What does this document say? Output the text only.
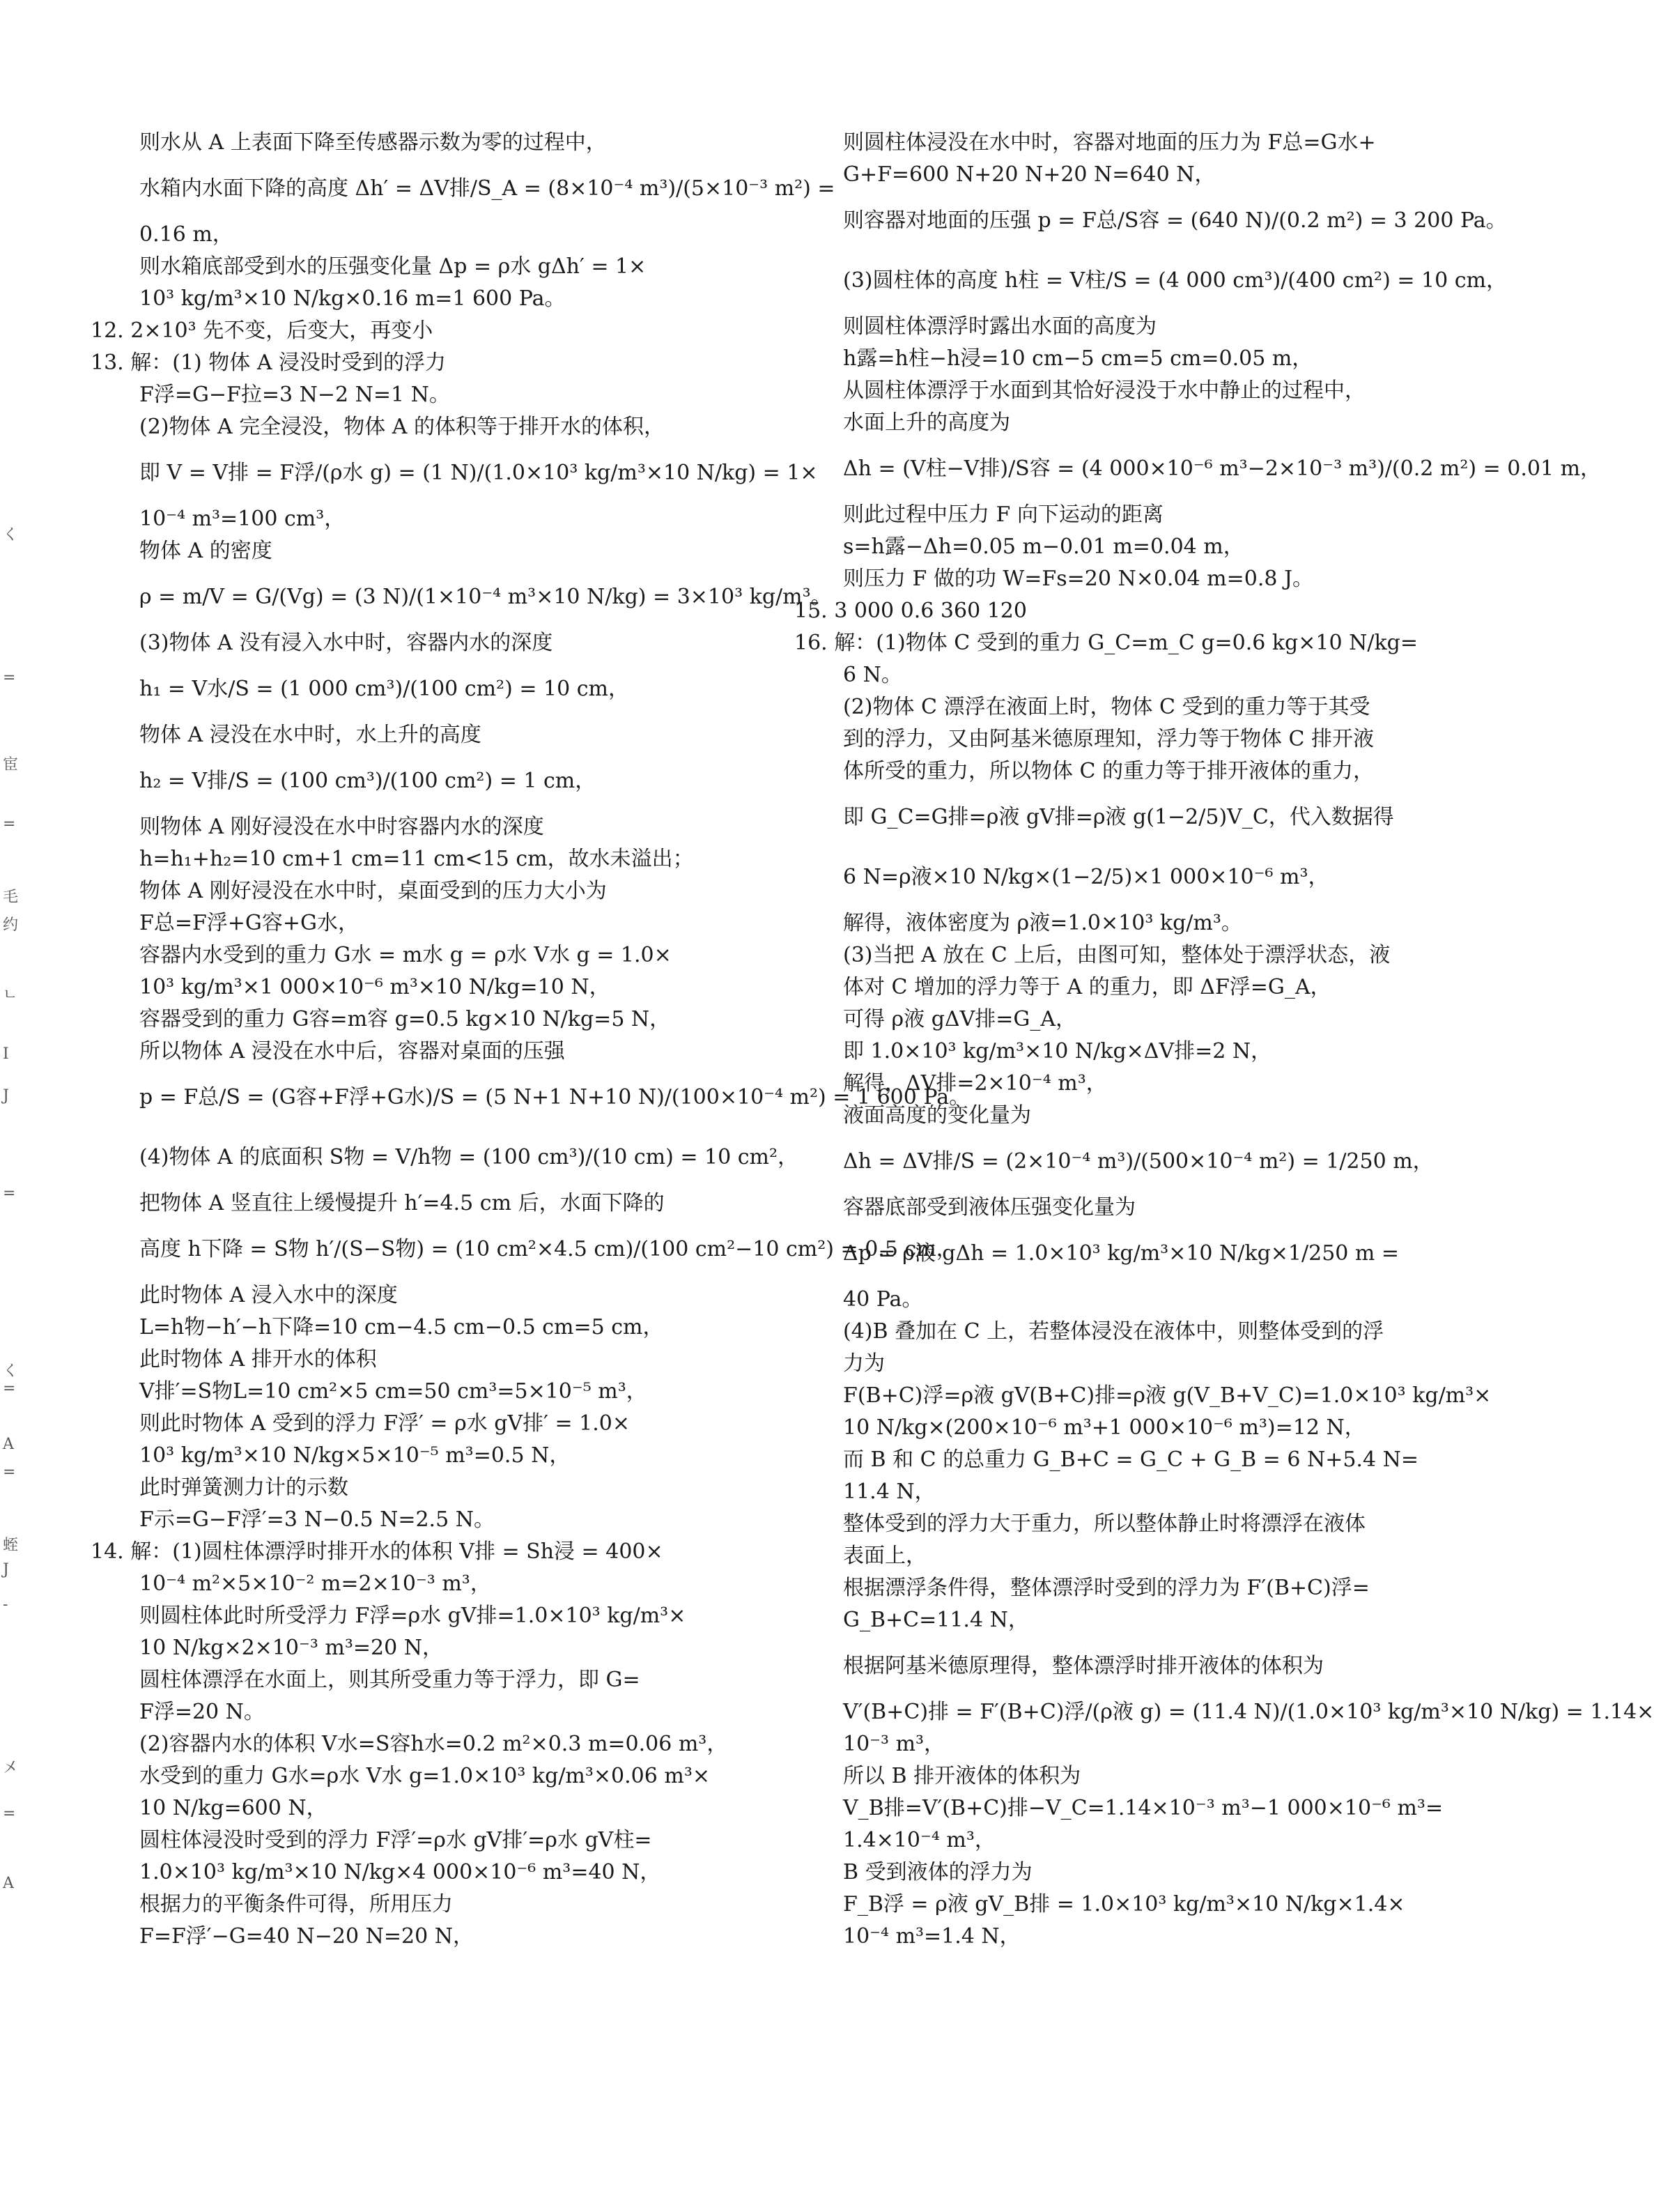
く
=
宦
=
毛
约
ㄴ
I
J
=
=
く
A
=
蛭
J
-
㐅
=
A
则水从 A 上表面下降至传感器示数为零的过程中，
水箱内水面下降的高度 Δh′ = ΔV排/S_A = (8×10⁻⁴ m³)/(5×10⁻³ m²) =
0.16 m，
则水箱底部受到水的压强变化量 Δp = ρ水 gΔh′ = 1×
10³ kg/m³×10 N/kg×0.16 m=1 600 Pa。
12. 2×10³ 先不变，后变大，再变小
13. 解：(1) 物体 A 浸没时受到的浮力
F浮=G−F拉=3 N−2 N=1 N。
(2)物体 A 完全浸没，物体 A 的体积等于排开水的体积，
即 V = V排 = F浮/(ρ水 g) = (1 N)/(1.0×10³ kg/m³×10 N/kg) = 1×
10⁻⁴ m³=100 cm³，
物体 A 的密度
ρ = m/V = G/(Vg) = (3 N)/(1×10⁻⁴ m³×10 N/kg) = 3×10³ kg/m³。
(3)物体 A 没有浸入水中时，容器内水的深度
h₁ = V水/S = (1 000 cm³)/(100 cm²) = 10 cm，
物体 A 浸没在水中时，水上升的高度
h₂ = V排/S = (100 cm³)/(100 cm²) = 1 cm，
则物体 A 刚好浸没在水中时容器内水的深度
h=h₁+h₂=10 cm+1 cm=11 cm<15 cm，故水未溢出；
物体 A 刚好浸没在水中时，桌面受到的压力大小为
F总=F浮+G容+G水，
容器内水受到的重力 G水 = m水 g = ρ水 V水 g = 1.0×
10³ kg/m³×1 000×10⁻⁶ m³×10 N/kg=10 N，
容器受到的重力 G容=m容 g=0.5 kg×10 N/kg=5 N，
所以物体 A 浸没在水中后，容器对桌面的压强
p = F总/S = (G容+F浮+G水)/S = (5 N+1 N+10 N)/(100×10⁻⁴ m²) = 1 600 Pa。
(4)物体 A 的底面积 S物 = V/h物 = (100 cm³)/(10 cm) = 10 cm²，
把物体 A 竖直往上缓慢提升 h′=4.5 cm 后，水面下降的
高度 h下降 = S物 h′/(S−S物) = (10 cm²×4.5 cm)/(100 cm²−10 cm²) = 0.5 cm，
此时物体 A 浸入水中的深度
L=h物−h′−h下降=10 cm−4.5 cm−0.5 cm=5 cm，
此时物体 A 排开水的体积
V排′=S物L=10 cm²×5 cm=50 cm³=5×10⁻⁵ m³，
则此时物体 A 受到的浮力 F浮′ = ρ水 gV排′ = 1.0×
10³ kg/m³×10 N/kg×5×10⁻⁵ m³=0.5 N，
此时弹簧测力计的示数
F示=G−F浮′=3 N−0.5 N=2.5 N。
14. 解：(1)圆柱体漂浮时排开水的体积 V排 = Sh浸 = 400×
10⁻⁴ m²×5×10⁻² m=2×10⁻³ m³，
则圆柱体此时所受浮力 F浮=ρ水 gV排=1.0×10³ kg/m³×
10 N/kg×2×10⁻³ m³=20 N，
圆柱体漂浮在水面上，则其所受重力等于浮力，即 G=
F浮=20 N。
(2)容器内水的体积 V水=S容h水=0.2 m²×0.3 m=0.06 m³，
水受到的重力 G水=ρ水 V水 g=1.0×10³ kg/m³×0.06 m³×
10 N/kg=600 N，
圆柱体浸没时受到的浮力 F浮′=ρ水 gV排′=ρ水 gV柱=
1.0×10³ kg/m³×10 N/kg×4 000×10⁻⁶ m³=40 N，
根据力的平衡条件可得，所用压力
F=F浮′−G=40 N−20 N=20 N，
则圆柱体浸没在水中时，容器对地面的压力为 F总=G水+
G+F=600 N+20 N+20 N=640 N，
则容器对地面的压强 p = F总/S容 = (640 N)/(0.2 m²) = 3 200 Pa。
(3)圆柱体的高度 h柱 = V柱/S = (4 000 cm³)/(400 cm²) = 10 cm，
则圆柱体漂浮时露出水面的高度为
h露=h柱−h浸=10 cm−5 cm=5 cm=0.05 m，
从圆柱体漂浮于水面到其恰好浸没于水中静止的过程中，
水面上升的高度为
Δh = (V柱−V排)/S容 = (4 000×10⁻⁶ m³−2×10⁻³ m³)/(0.2 m²) = 0.01 m，
则此过程中压力 F 向下运动的距离
s=h露−Δh=0.05 m−0.01 m=0.04 m，
则压力 F 做的功 W=Fs=20 N×0.04 m=0.8 J。
15. 3 000 0.6 360 120
16. 解：(1)物体 C 受到的重力 G_C=m_C g=0.6 kg×10 N/kg=
6 N。
(2)物体 C 漂浮在液面上时，物体 C 受到的重力等于其受
到的浮力，又由阿基米德原理知，浮力等于物体 C 排开液
体所受的重力，所以物体 C 的重力等于排开液体的重力，
即 G_C=G排=ρ液 gV排=ρ液 g(1−2/5)V_C，代入数据得
6 N=ρ液×10 N/kg×(1−2/5)×1 000×10⁻⁶ m³，
解得，液体密度为 ρ液=1.0×10³ kg/m³。
(3)当把 A 放在 C 上后，由图可知，整体处于漂浮状态，液
体对 C 增加的浮力等于 A 的重力，即 ΔF浮=G_A，
可得 ρ液 gΔV排=G_A，
即 1.0×10³ kg/m³×10 N/kg×ΔV排=2 N，
解得，ΔV排=2×10⁻⁴ m³，
液面高度的变化量为
Δh = ΔV排/S = (2×10⁻⁴ m³)/(500×10⁻⁴ m²) = 1/250 m，
容器底部受到液体压强变化量为
Δp = ρ液 gΔh = 1.0×10³ kg/m³×10 N/kg×1/250 m =
40 Pa。
(4)B 叠加在 C 上，若整体浸没在液体中，则整体受到的浮
力为
F(B+C)浮=ρ液 gV(B+C)排=ρ液 g(V_B+V_C)=1.0×10³ kg/m³×
10 N/kg×(200×10⁻⁶ m³+1 000×10⁻⁶ m³)=12 N，
而 B 和 C 的总重力 G_B+C = G_C + G_B = 6 N+5.4 N=
11.4 N，
整体受到的浮力大于重力，所以整体静止时将漂浮在液体
表面上，
根据漂浮条件得，整体漂浮时受到的浮力为 F′(B+C)浮=
G_B+C=11.4 N，
根据阿基米德原理得，整体漂浮时排开液体的体积为
V′(B+C)排 = F′(B+C)浮/(ρ液 g) = (11.4 N)/(1.0×10³ kg/m³×10 N/kg) = 1.14×
10⁻³ m³，
所以 B 排开液体的体积为
V_B排=V′(B+C)排−V_C=1.14×10⁻³ m³−1 000×10⁻⁶ m³=
1.4×10⁻⁴ m³，
B 受到液体的浮力为
F_B浮 = ρ液 gV_B排 = 1.0×10³ kg/m³×10 N/kg×1.4×
10⁻⁴ m³=1.4 N，
